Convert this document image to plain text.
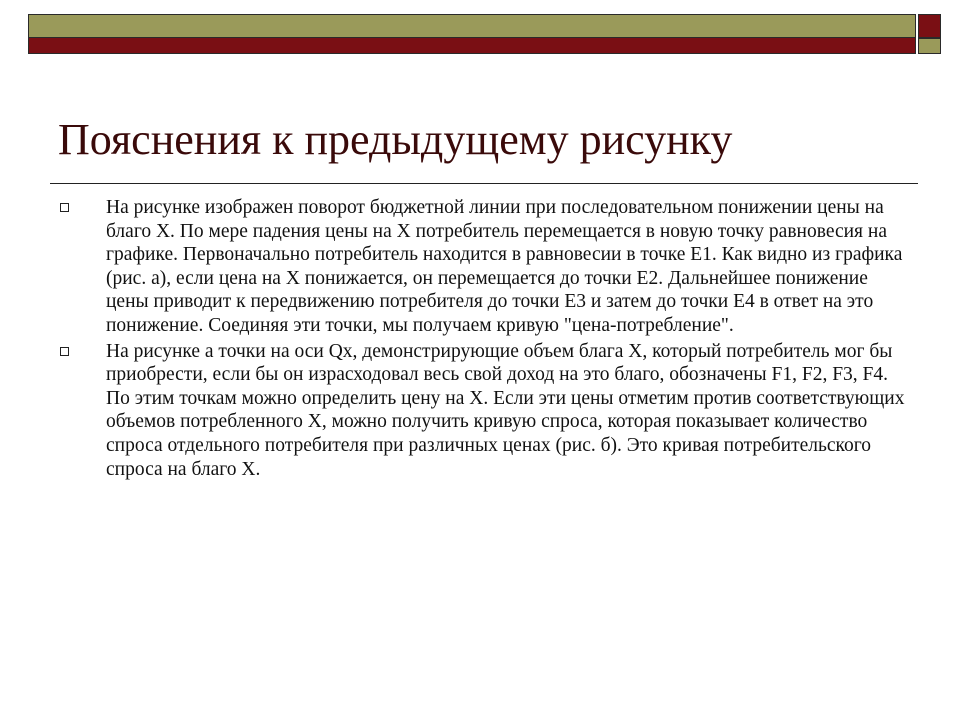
Пояснения к предыдущему рисунку
На рисунке изображен поворот бюджетной линии при последовательном понижении цены на благо X. По мере падения цены на X потребитель перемещается в новую точку равновесия на графике. Первоначально потребитель находится в равновесии в точке E1. Как видно из графика (рис. а), если цена на X понижается, он перемещается до точки E2. Дальнейшее понижение цены приводит к передвижению потребителя до точки E3 и затем до точки E4 в ответ на это понижение. Соединяя эти точки, мы получаем кривую "цена-потребление".
На рисунке а точки на оси Qx, демонстрирующие объем блага X, который потребитель мог бы приобрести, если бы он израсходовал весь свой доход на это благо, обозначены F1, F2, F3, F4. По этим точкам можно определить цену на X. Если эти цены отметим против соответствующих объемов потребленного X, можно получить кривую спроса, которая показывает количество спроса отдельного потребителя при различных ценах (рис. б). Это кривая потребительского спроса на благо X.
